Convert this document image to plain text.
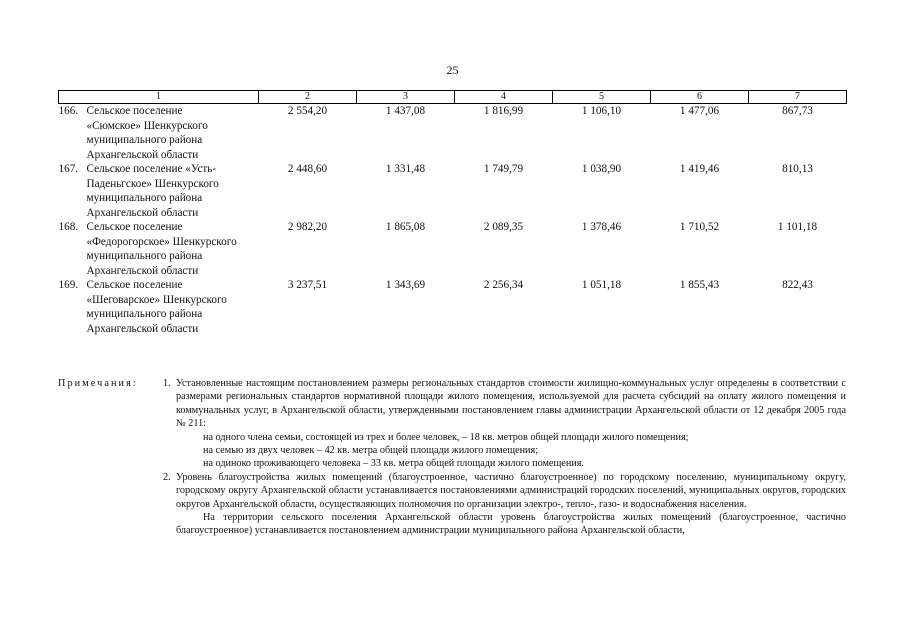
25
1	2	3	4	5	6	7

166. Сельское поселение
«Сюмское» Шенкурского
муниципального района
Архангельской области	2 554,20	1 437,08	1 816,99	1 106,10	1 477,06	867,73

167. Сельское поселение «Усть-
Паденьгское» Шенкурского
муниципального района
Архангельской области	2 448,60	1 331,48	1 749,79	1 038,90	1 419,46	810,13

168. Сельское поселение
«Федорогорское» Шенкурского
муниципального района
Архангельской области	2 982,20	1 865,08	2 089,35	1 378,46	1 710,52	1 101,18

169. Сельское поселение
«Шеговарское» Шенкурского
муниципального района
Архангельской области	3 237,51	1 343,69	2 256,34	1 051,18	1 855,43	822,43
Примечания: 1. Установленные настоящим постановлением размеры региональных стандартов стоимости жилищно-коммунальных услуг определены в соответствии с размерами региональных стандартов нормативной площади жилого помещения, используемой для расчета субсидий на оплату жилого помещения и коммунальных услуг, в Архангельской области, утвержденными постановлением главы администрации Архангельской области от 12 декабря 2005 года № 211:
на одного члена семьи, состоящей из трех и более человек, – 18 кв. метров общей площади жилого помещения;
на семью из двух человек – 42 кв. метра общей площади жилого помещения;
на одиноко проживающего человека – 33 кв. метра общей площади жилого помещения.
2. Уровень благоустройства жилых помещений (благоустроенное, частично благоустроенное) по городскому поселению, муниципальному округу, городскому округу Архангельской области устанавливается постановлениями администраций городских поселений, муниципальных округов, городских округов Архангельской области, осуществляющих полномочия по организации электро-, тепло-, газо- и водоснабжения населения.
На территории сельского поселения Архангельской области уровень благоустройства жилых помещений (благоустроенное, частично благоустроенное) устанавливается постановлением администрации муниципального района Архангельской области,
